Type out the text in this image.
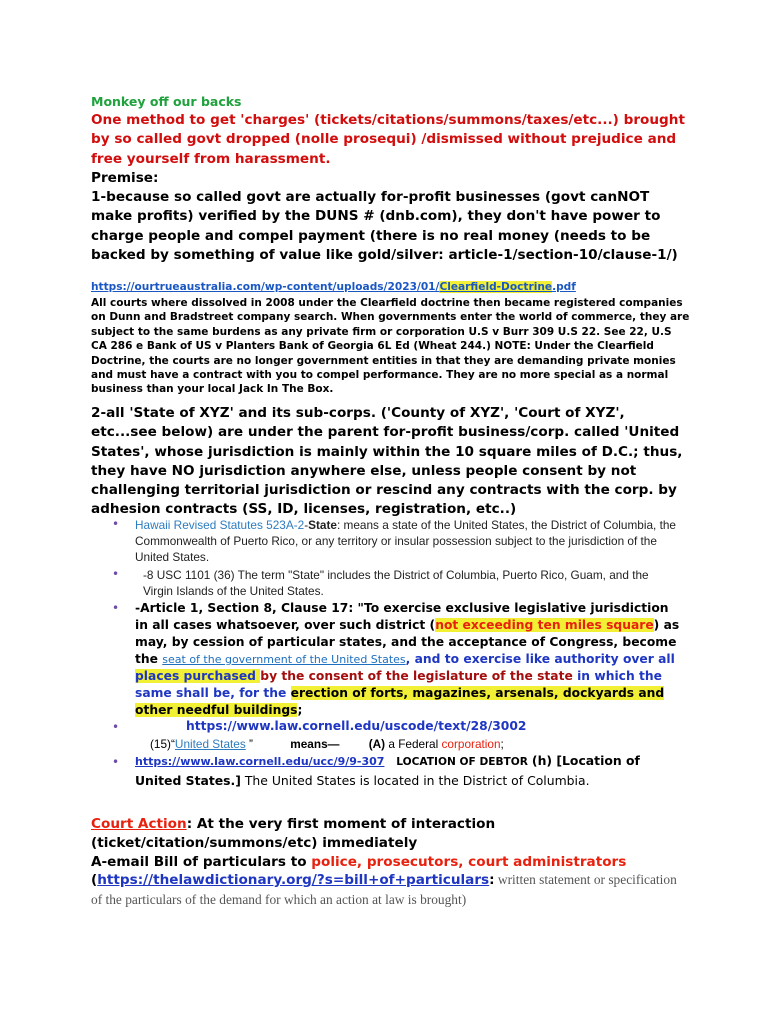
Monkey off our backs
One method to get 'charges' (tickets/citations/summons/taxes/etc...) brought by so called govt dropped (nolle prosequi) /dismissed without prejudice and free yourself from harassment.
Premise:
1-because so called govt are actually for-profit businesses (govt canNOT make profits) verified by the DUNS # (dnb.com), they don't have power to charge people and compel payment (there is no real money (needs to be backed by something of value like gold/silver: article-1/section-10/clause-1/)
https://ourtrueaustralia.com/wp-content/uploads/2023/01/Clearfield-Doctrine.pdf
All courts where dissolved in 2008 under the Clearfield doctrine then became registered companies on Dunn and Bradstreet company search. When governments enter the world of commerce, they are subject to the same burdens as any private firm or corporation U.S v Burr 309 U.S 22. See 22, U.S CA 286 e Bank of US v Planters Bank of Georgia 6L Ed (Wheat 244.) NOTE: Under the Clearfield Doctrine, the courts are no longer government entities in that they are demanding private monies and must have a contract with you to compel performance. They are no more special as a normal business than your local Jack In The Box.
2-all 'State of XYZ' and its sub-corps. ('County of XYZ', 'Court of XYZ', etc...see below) are under the parent for-profit business/corp. called 'United States', whose jurisdiction is mainly within the 10 square miles of D.C.; thus, they have NO jurisdiction anywhere else, unless people consent by not challenging territorial jurisdiction or rescind any contracts with the corp. by adhesion contracts (SS, ID, licenses, registration, etc..)
• Hawaii Revised Statutes 523A-2-State: means a state of the United States, the District of Columbia, the Commonwealth of Puerto Rico, or any territory or insular possession subject to the jurisdiction of the United States.
•	-8 USC 1101 (36) The term "State" includes the District of Columbia, Puerto Rico, Guam, and the Virgin Islands of the United States.
• -Article 1, Section 8, Clause 17: "To exercise exclusive legislative jurisdiction in all cases whatsoever, over such district (not exceeding ten miles square) as may, by cession of particular states, and the acceptance of Congress, become the seat of the government of the United States, and to exercise like authority over all places purchased by the consent of the legislature of the state in which the same shall be, for the erection of forts, magazines, arsenals, dockyards and other needful buildings;
•	https://www.law.cornell.edu/uscode/text/28/3002
(15)“United States ”	means— (A) a Federal corporation;
• https://www.law.cornell.edu/ucc/9/9-307 LOCATION OF DEBTOR (h) [Location of United States.] The United States is located in the District of Columbia.
Court Action: At the very first moment of interaction (ticket/citation/summons/etc) immediately
A-email Bill of particulars to police, prosecutors, court administrators
(https://thelawdictionary.org/?s=bill+of+particulars: written statement or specification of the particulars of the demand for which an action at law is brought)
